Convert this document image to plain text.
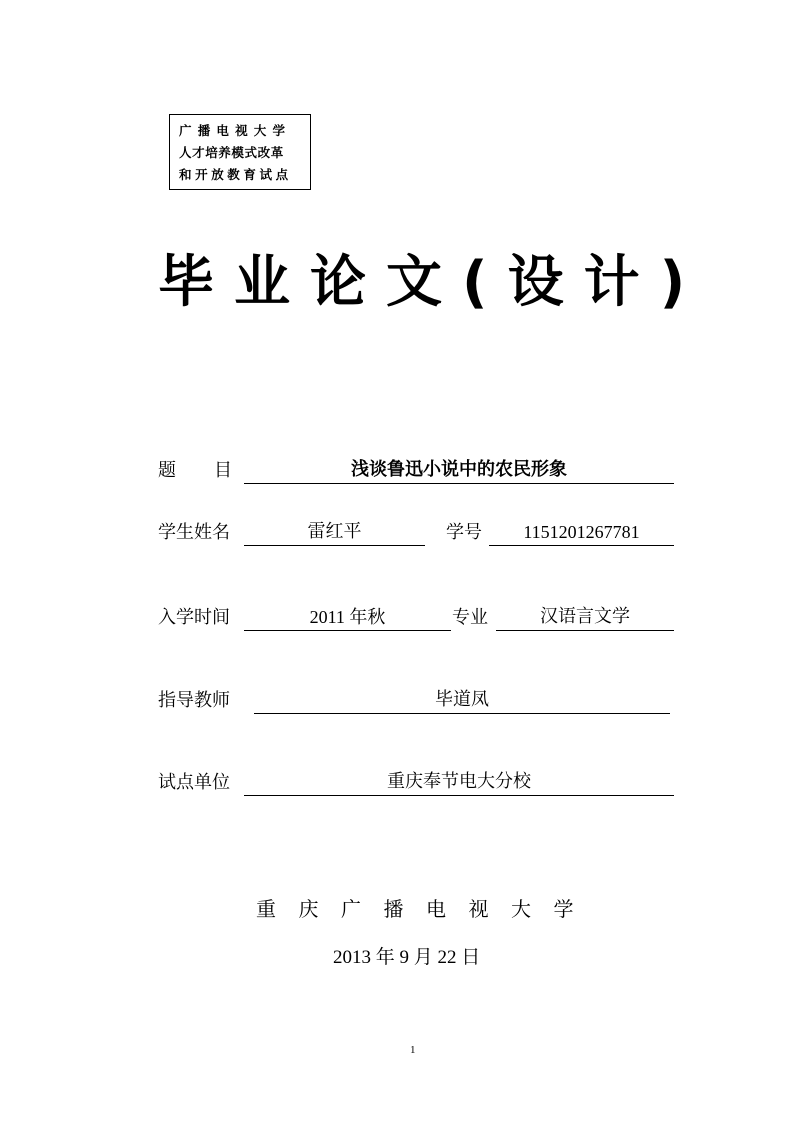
广播电视大学
人才培养模式改革
和开放教育试点
毕业论文(设计)
题 目	浅谈鲁迅小说中的农民形象
学生姓名	雷红平	学号	1151201267781
入学时间	2011 年秋	专业	汉语言文学
指导教师	毕道凤
试点单位	重庆奉节电大分校
重庆广播电视大学
2013 年 9 月 22 日
1
